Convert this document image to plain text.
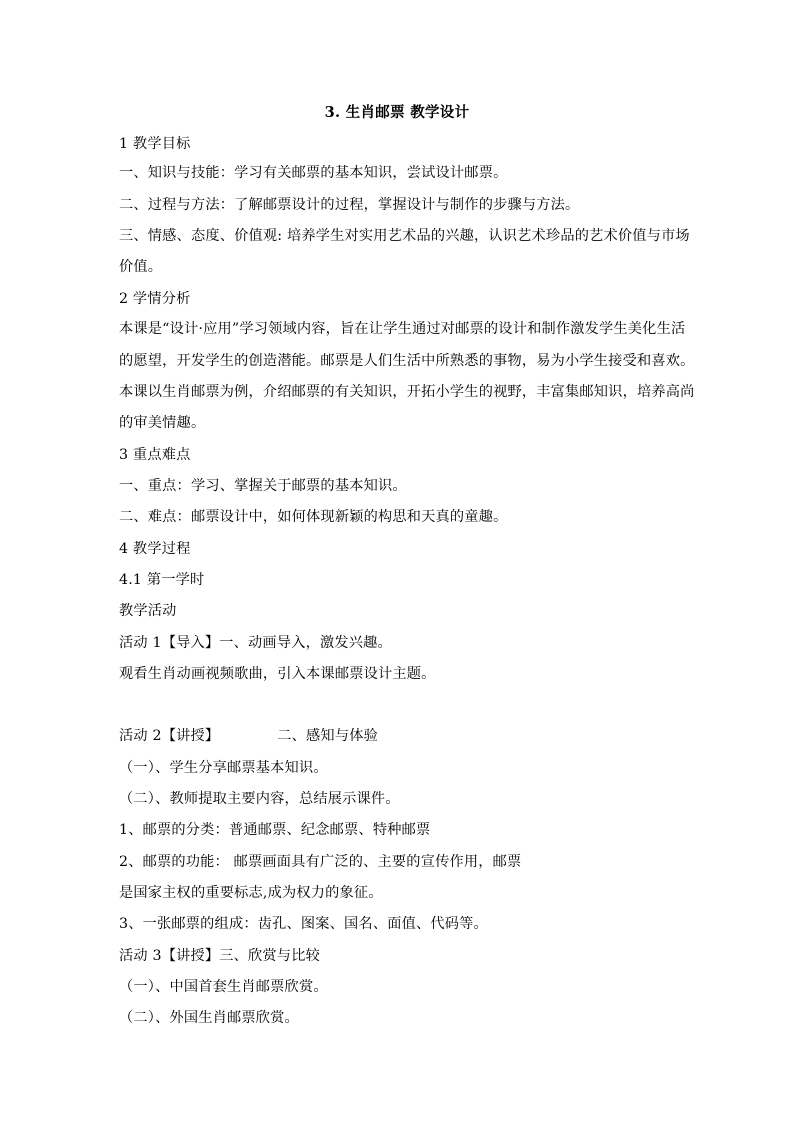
3. 生肖邮票 教学设计
1 教学目标
一、知识与技能：学习有关邮票的基本知识，尝试设计邮票。
二、过程与方法：了解邮票设计的过程，掌握设计与制作的步骤与方法。
三、情感、态度、价值观: 培养学生对实用艺术品的兴趣，认识艺术珍品的艺术价值与市场
价值。
2 学情分析
本课是“设计·应用”学习领域内容，旨在让学生通过对邮票的设计和制作激发学生美化生活
的愿望，开发学生的创造潜能。邮票是人们生活中所熟悉的事物，易为小学生接受和喜欢。
本课以生肖邮票为例，介绍邮票的有关知识，开拓小学生的视野，丰富集邮知识，培养高尚
的审美情趣。
3 重点难点
一、重点：学习、掌握关于邮票的基本知识。
二、难点：邮票设计中，如何体现新颖的构思和天真的童趣。
4 教学过程
4.1 第一学时
教学活动
活动 1【导入】一、动画导入，激发兴趣。
观看生肖动画视频歌曲，引入本课邮票设计主题。
活动 2【讲授】	二、感知与体验
（一）、学生分享邮票基本知识。
（二）、教师提取主要内容，总结展示课件。
1、邮票的分类：普通邮票、纪念邮票、特种邮票
2、邮票的功能： 邮票画面具有广泛的、主要的宣传作用，邮票
是国家主权的重要标志,成为权力的象征。
3、一张邮票的组成：齿孔、图案、国名、面值、代码等。
活动 3【讲授】三、欣赏与比较
（一）、中国首套生肖邮票欣赏。
（二）、外国生肖邮票欣赏。
